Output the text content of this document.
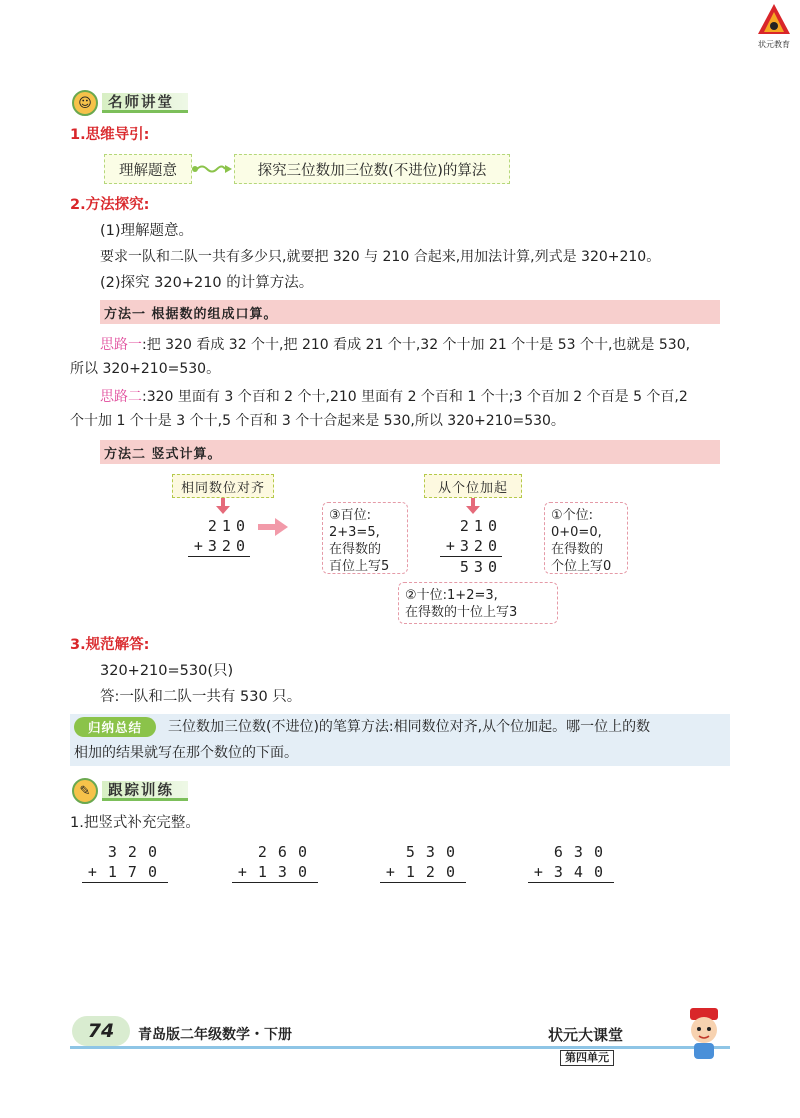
状元教育
☺	名师讲堂
1.思维导引:
理解题意	探究三位数加三位数(不进位)的算法
2.方法探究:
(1)理解题意。
要求一队和二队一共有多少只,就要把 320 与 210 合起来,用加法计算,列式是 320+210。
(2)探究 320+210 的计算方法。
方法一 根据数的组成口算。
思路一:把 320 看成 32 个十,把 210 看成 21 个十,32 个十加 21 个十是 53 个十,也就是 530,
所以 320+210=530。
思路二:320 里面有 3 个百和 2 个十,210 里面有 2 个百和 1 个十;3 个百加 2 个百是 5 个百,2
个十加 1 个十是 3 个十,5 个百和 3 个十合起来是 530,所以 320+210=530。
方法二 竖式计算。
相同数位对齐
210
+320
③百位:
2+3=5,
在得数的
百位上写5
从个位加起
210
+320
530
①个位:
0+0=0,
在得数的
个位上写0
②十位:1+2=3,
在得数的十位上写3
3.规范解答:
320+210=530(只)
答:一队和二队一共有 530 只。
归纳总结	三位数加三位数(不进位)的笔算方法:相同数位对齐,从个位加起。哪一位上的数
相加的结果就写在那个数位的下面。
✎	跟踪训练
1.把竖式补充完整。
320
+170
260
+130
530
+120
630
+340
74 青岛版二年级数学・下册	状元大课堂
第四单元
